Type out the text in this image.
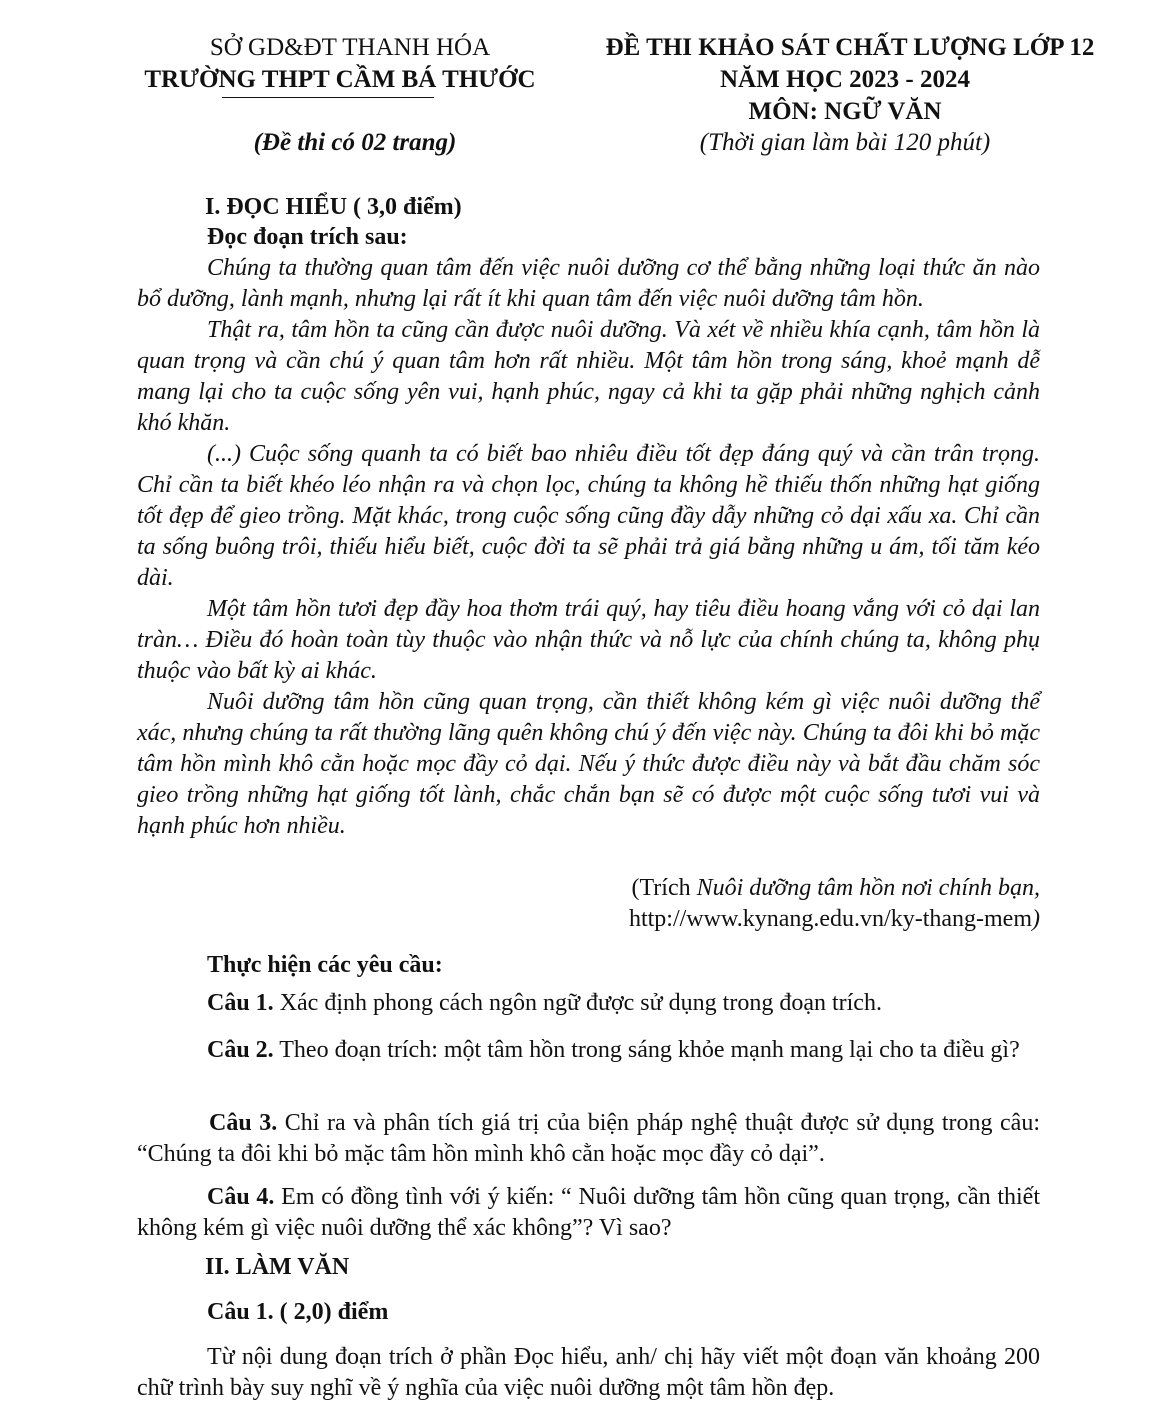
SỞ GD&ĐT THANH HÓA
TRƯỜNG THPT CẦM BÁ THƯỚC
(Đề thi có 02 trang)
ĐỀ THI KHẢO SÁT CHẤT LƯỢNG LỚP 12
NĂM HỌC 2023 - 2024
MÔN: NGỮ VĂN
(Thời gian làm bài 120 phút)
I. ĐỌC HIỂU ( 3,0 điểm)
Đọc đoạn trích sau:

Chúng ta thường quan tâm đến việc nuôi dưỡng cơ thể bằng những loại thức ăn nào bổ dưỡng, lành mạnh, nhưng lại rất ít khi quan tâm đến việc nuôi dưỡng tâm hồn.

Thật ra, tâm hồn ta cũng cần được nuôi dưỡng. Và xét về nhiều khía cạnh, tâm hồn là quan trọng và cần chú ý quan tâm hơn rất nhiều. Một tâm hồn trong sáng, khoẻ mạnh dễ mang lại cho ta cuộc sống yên vui, hạnh phúc, ngay cả khi ta gặp phải những nghịch cảnh khó khăn.

(...) Cuộc sống quanh ta có biết bao nhiêu điều tốt đẹp đáng quý và cần trân trọng. Chỉ cần ta biết khéo léo nhận ra và chọn lọc, chúng ta không hề thiếu thốn những hạt giống tốt đẹp để gieo trồng. Mặt khác, trong cuộc sống cũng đầy dẫy những cỏ dại xấu xa. Chỉ cần ta sống buông trôi, thiếu hiểu biết, cuộc đời ta sẽ phải trả giá bằng những u ám, tối tăm kéo dài.

Một tâm hồn tươi đẹp đầy hoa thơm trái quý, hay tiêu điều hoang vắng với cỏ dại lan tràn… Điều đó hoàn toàn tùy thuộc vào nhận thức và nỗ lực của chính chúng ta, không phụ thuộc vào bất kỳ ai khác.

Nuôi dưỡng tâm hồn cũng quan trọng, cần thiết không kém gì việc nuôi dưỡng thể xác, nhưng chúng ta rất thường lãng quên không chú ý đến việc này. Chúng ta đôi khi bỏ mặc tâm hồn mình khô cằn hoặc mọc đầy cỏ dại. Nếu ý thức được điều này và bắt đầu chăm sóc gieo trồng những hạt giống tốt lành, chắc chắn bạn sẽ có được một cuộc sống tươi vui và hạnh phúc hơn nhiều.

(Trích Nuôi dưỡng tâm hồn nơi chính bạn,
http://www.kynang.edu.vn/ky-thang-mem)
Thực hiện các yêu cầu:

Câu 1. Xác định phong cách ngôn ngữ được sử dụng trong đoạn trích.

Câu 2. Theo đoạn trích: một tâm hồn trong sáng khỏe mạnh mang lại cho ta điều gì?

Câu 3. Chỉ ra và phân tích giá trị của biện pháp nghệ thuật được sử dụng trong câu: “Chúng ta đôi khi bỏ mặc tâm hồn mình khô cằn hoặc mọc đầy cỏ dại”.

Câu 4. Em có đồng tình với ý kiến: “ Nuôi dưỡng tâm hồn cũng quan trọng, cần thiết không kém gì việc nuôi dưỡng thể xác không”? Vì sao?

II. LÀM VĂN
Câu 1. ( 2,0) điểm

Từ nội dung đoạn trích ở phần Đọc hiểu, anh/ chị hãy viết một đoạn văn khoảng 200 chữ trình bày suy nghĩ về ý nghĩa của việc nuôi dưỡng một tâm hồn đẹp.
